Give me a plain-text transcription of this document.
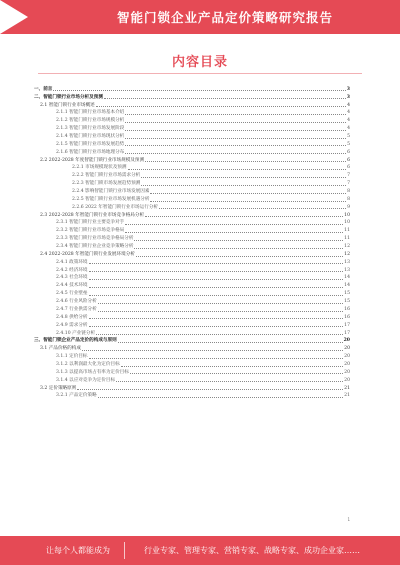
智能门锁企业产品定价策略研究报告
内容目录
一、前言	3
二、智能门锁行业市场分析及预测	3
2.1 智能门锁行业市场概述	4
2.1.1 智能门锁行业市场基本介绍	4
2.1.2 智能门锁行业市场规模分析	4
2.1.3 智能门锁行业市场发展阶段	4
2.1.4 智能门锁行业市场现状分析	5
2.1.5 智能门锁行业市场发展趋势	5
2.1.6 智能门锁行业市场地理分布	6
2.2 2022-2028 年度智能门锁行业市场规模及预测	6
2.2.1 市场规模现状及预测	6
2.2.2 智能门锁行业市场需求分析	7
2.2.3 智能门锁市场发展趋势预测	7
2.2.4 影响智能门锁行业市场发展因素	8
2.2.5 智能门锁行业市场发展机遇分析	8
2.2.6 2022 年智能门锁行业市场运行分析	9
2.3 2022-2028 年智能门锁行业市场竞争格局分析	10
2.3.1 智能门锁行业主要竞争对手	10
2.3.2 智能门锁行业市场竞争格局	11
2.3.3 智能门锁行业市场竞争格局分析	11
2.3.4 智能门锁行业企业竞争策略分析	12
2.4 2022-2028 年智能门锁行业发展环境分析	12
2.4.1 政策环境	13
2.4.2 经济环境	13
2.4.3 社会环境	14
2.4.4 技术环境	14
2.4.5 行业壁垒	15
2.4.6 行业风险分析	15
2.4.7 行业供需分析	16
2.4.8 供给分析	16
2.4.9 需求分析	17
2.4.10 产业链分析	17
三、智能门锁企业产品定价的构成与原则	20
3.1 产品价格的构成	20
3.1.1 定价目标	20
3.1.2 以利润最大化为定价目标	20
3.1.3 以提高市场占有率为定价目标	20
3.1.4 以应对竞争为定价目标	20
3.2 定价策略原则	21
3.2.1 产品定价策略	21
1
让每个人都能成为	行业专家、管理专家、营销专家、战略专家、成功企业家……
